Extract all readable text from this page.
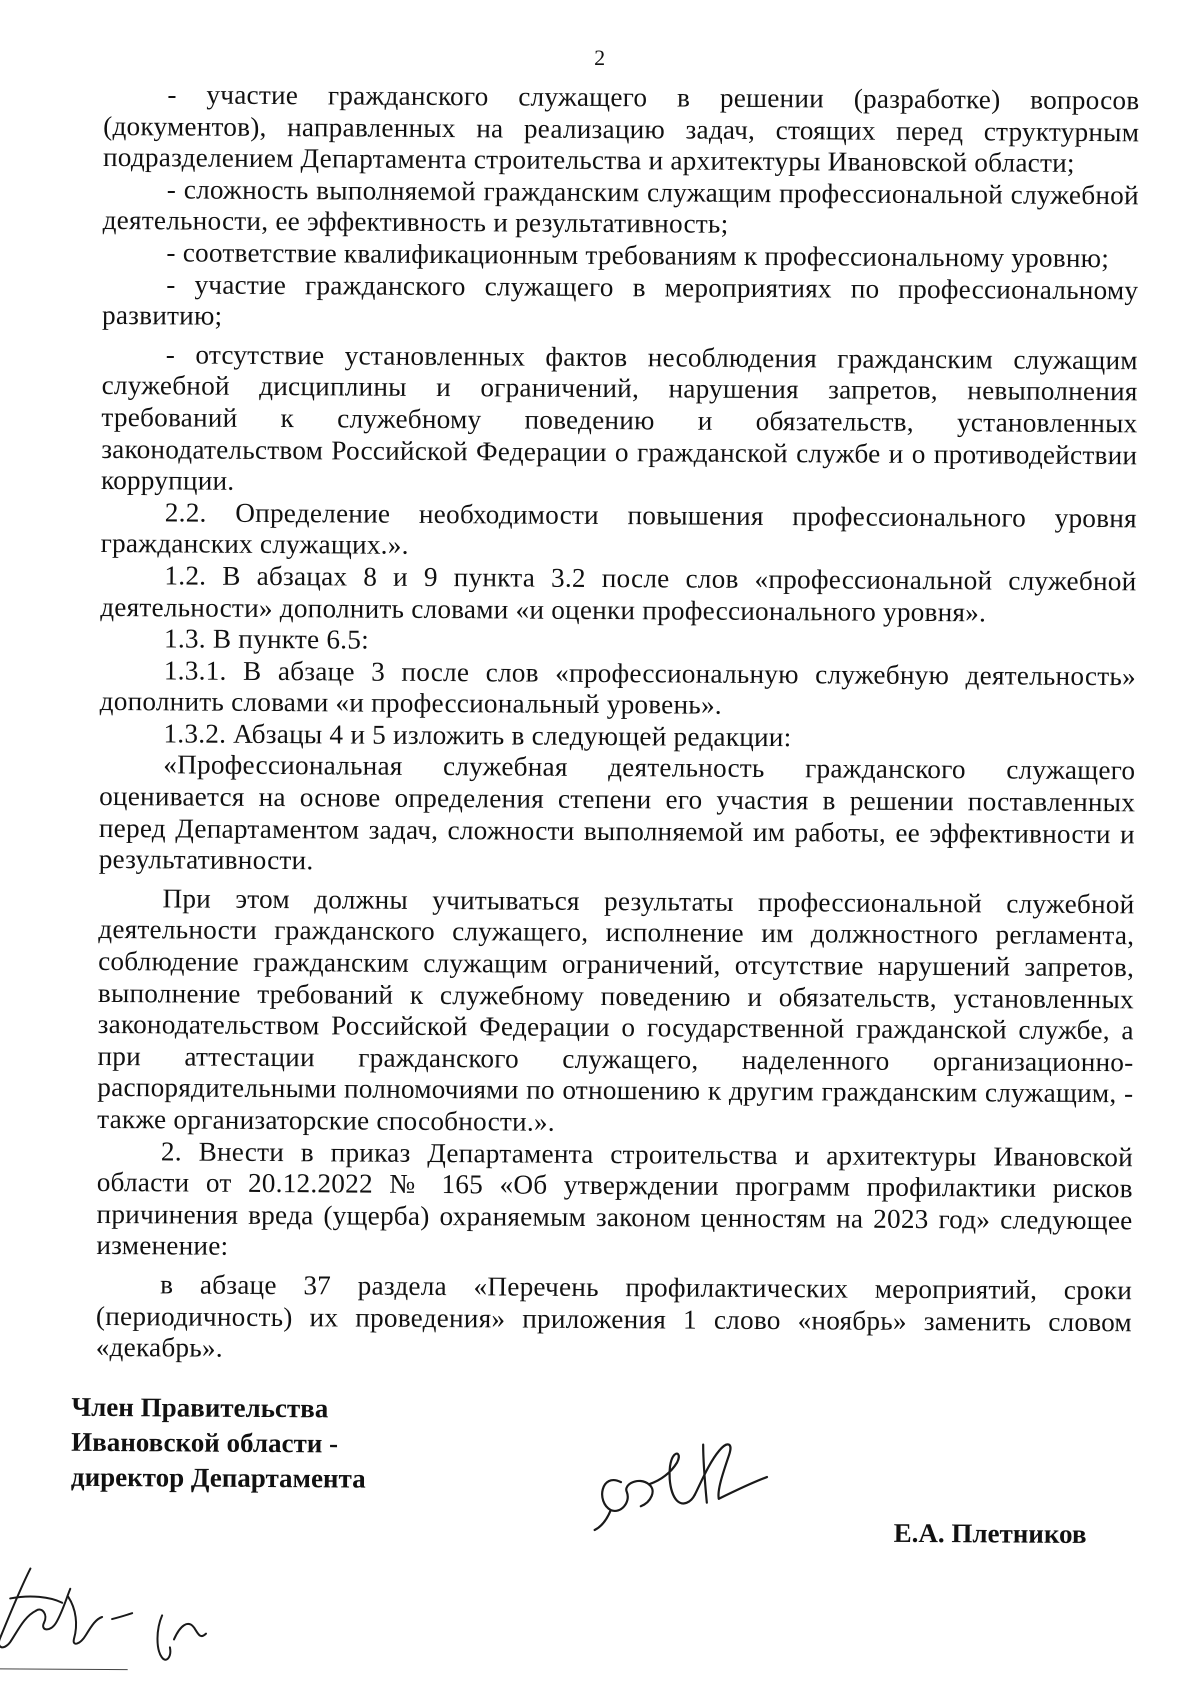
2

- участие гражданского служащего в решении (разработке) вопросов (документов), направленных на реализацию задач, стоящих перед структурным подразделением Департамента строительства и архитектуры Ивановской области;

- сложность выполняемой гражданским служащим профессиональной служебной деятельности, ее эффективность и результативность;

- соответствие квалификационным требованиям к профессиональному уровню;

- участие гражданского служащего в мероприятиях по профессиональному развитию;

- отсутствие установленных фактов несоблюдения гражданским служащим служебной дисциплины и ограничений, нарушения запретов, невыполнения требований к служебному поведению и обязательств, установленных законодательством Российской Федерации о гражданской службе и о противодействии коррупции.

2.2. Определение необходимости повышения профессионального уровня гражданских служащих.».

1.2. В абзацах 8 и 9 пункта 3.2 после слов «профессиональной служебной деятельности» дополнить словами «и оценки профессионального уровня».

1.3. В пункте 6.5:

1.3.1. В абзаце 3 после слов «профессиональную служебную деятельность» дополнить словами «и профессиональный уровень».

1.3.2. Абзацы 4 и 5 изложить в следующей редакции:

«Профессиональная служебная деятельность гражданского служащего оценивается на основе определения степени его участия в решении поставленных перед Департаментом задач, сложности выполняемой им работы, ее эффективности и результативности.

При этом должны учитываться результаты профессиональной служебной деятельности гражданского служащего, исполнение им должностного регламента, соблюдение гражданским служащим ограничений, отсутствие нарушений запретов, выполнение требований к служебному поведению и обязательств, установленных законодательством Российской Федерации о государственной гражданской службе, а при аттестации гражданского служащего, наделенного организационно-распорядительными полномочиями по отношению к другим гражданским служащим, - также организаторские способности.».

2. Внести в приказ Департамента строительства и архитектуры Ивановской области от 20.12.2022 № 165 «Об утверждении программ профилактики рисков причинения вреда (ущерба) охраняемым законом ценностям на 2023 год» следующее изменение:

в абзаце 37 раздела «Перечень профилактических мероприятий, сроки (периодичность) их проведения» приложения 1 слово «ноябрь» заменить словом «декабрь».

Член Правительства
Ивановской области -
директор Департамента
Е.А. Плетников
